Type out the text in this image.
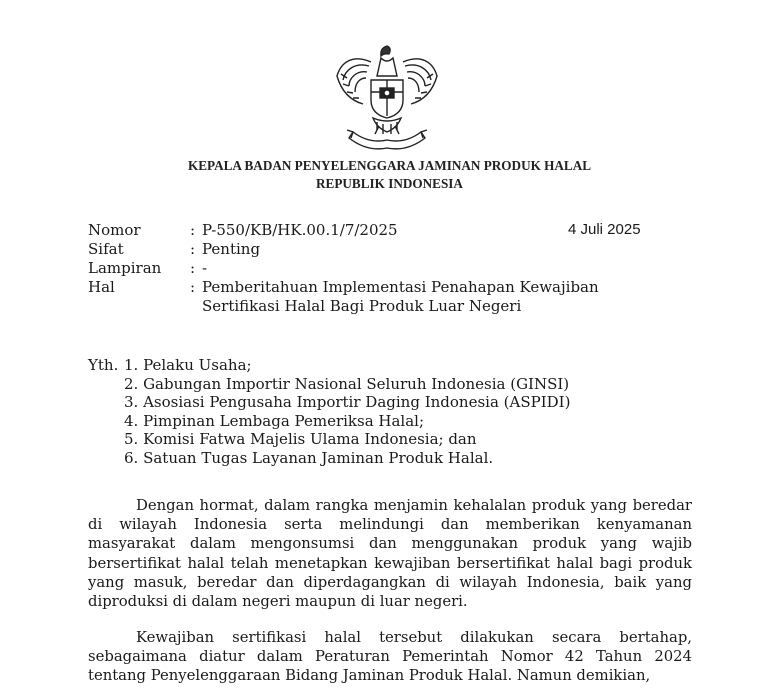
KEPALA BADAN PENYELENGGARA JAMINAN PRODUK HALAL
REPUBLIK INDONESIA
Nomor	: P-550/KB/HK.00.1/7/2025
Sifat	: Penting
Lampiran : -
Hal	: Pemberitahuan Implementasi Penahapan Kewajiban
Sertifikasi Halal Bagi Produk Luar Negeri
4 Juli 2025
Yth. 1. Pelaku Usaha;
2. Gabungan Importir Nasional Seluruh Indonesia (GINSI)
3. Asosiasi Pengusaha Importir Daging Indonesia (ASPIDI)
4. Pimpinan Lembaga Pemeriksa Halal;
5. Komisi Fatwa Majelis Ulama Indonesia; dan
6. Satuan Tugas Layanan Jaminan Produk Halal.
Dengan hormat, dalam rangka menjamin kehalalan produk yang beredar di wilayah Indonesia serta melindungi dan memberikan kenyamanan masyarakat dalam mengonsumsi dan menggunakan produk yang wajib bersertifikat halal telah menetapkan kewajiban bersertifikat halal bagi produk yang masuk, beredar dan diperdagangkan di wilayah Indonesia, baik yang diproduksi di dalam negeri maupun di luar negeri.
Kewajiban sertifikasi halal tersebut dilakukan secara bertahap, sebagaimana diatur dalam Peraturan Pemerintah Nomor 42 Tahun 2024 tentang Penyelenggaraan Bidang Jaminan Produk Halal. Namun demikian,
